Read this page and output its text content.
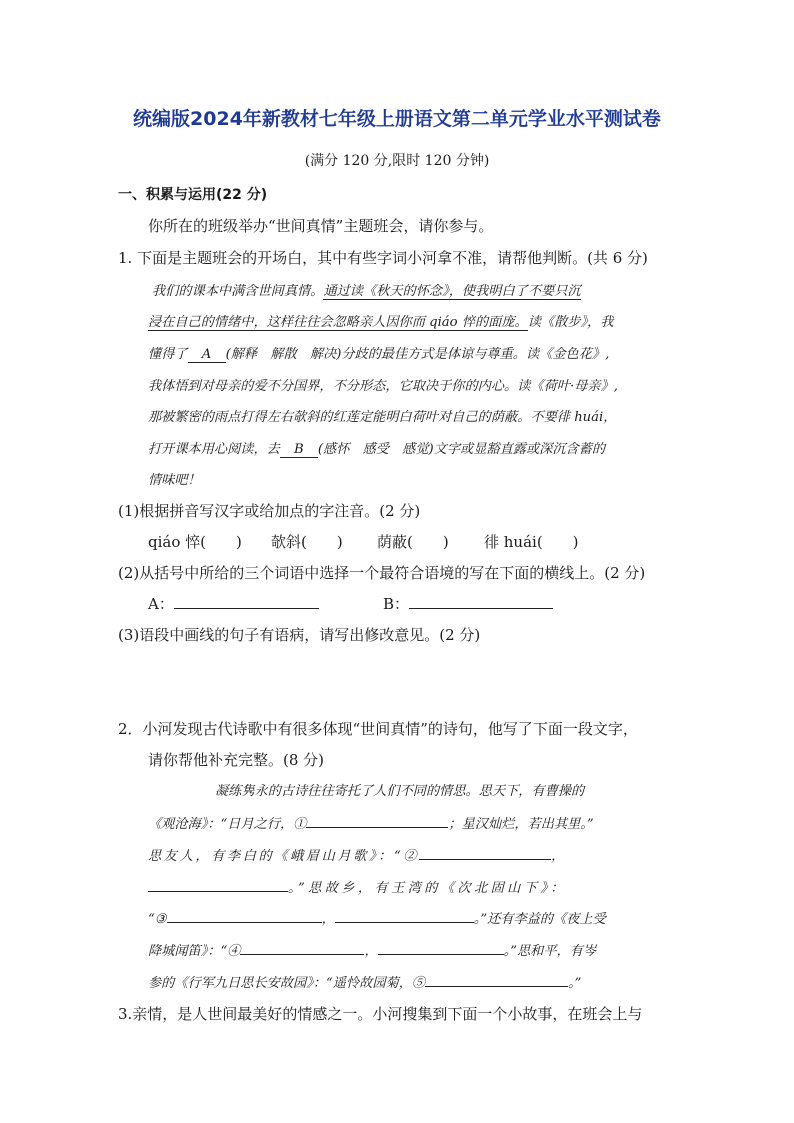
统编版2024年新教材七年级上册语文第二单元学业水平测试卷
(满分 120 分,限时 120 分钟)
一、积累与运用(22 分)
你所在的班级举办“世间真情”主题班会，请你参与。
1. 下面是主题班会的开场白，其中有些字词小河拿不准，请帮他判断。(共 6 分)
我们的课本中满含世间真情。通过读《秋天的怀念》，使我明白了不要只沉
浸在自己的情绪中，这样往往会忽略亲人因你而 qiáo 悴的面庞。读《散步》，我
懂得了 A (解释　解散　解决)分歧的最佳方式是体谅与尊重。读《金色花》,
我体悟到对母亲的爱不分国界，不分形态，它取决于你的内心。读《荷叶·母亲》,
那被繁密的雨点打得左右欹斜的红莲定能明白荷叶对自己的荫蔽。不要徘 huái，
打开课本用心阅读，去 B (感怀　感受　感觉)文字或显豁直露或深沉含蓄的
情味吧！
(1)根据拼音写汉字或给加点的字注音。(2 分)
qiáo 悴(　　) 欹斜(　　) 荫蔽(　　) 徘 huái(　　)
(2)从括号中所给的三个词语中选择一个最符合语境的写在下面的横线上。(2 分)
A：	B：
(3)语段中画线的句子有语病，请写出修改意见。(2 分)
2．小河发现古代诗歌中有很多体现“世间真情”的诗句，他写了下面一段文字，
请你帮他补充完整。(8 分)
凝练隽永的古诗往往寄托了人们不同的情思。思天下，有曹操的
《观沧海》：“日月之行，①	；星汉灿烂，若出其里。”
思友人，有李白的《峨眉山月歌》：“②	，
。”思故乡，有王湾的《次北固山下》：
“③	，	。”还有李益的《夜上受
降城闻笛》：“④	，	。”思和平，有岑
参的《行军九日思长安故园》：“遥怜故园菊，⑤	。”
3.亲情，是人世间最美好的情感之一。小河搜集到下面一个小故事，在班会上与
